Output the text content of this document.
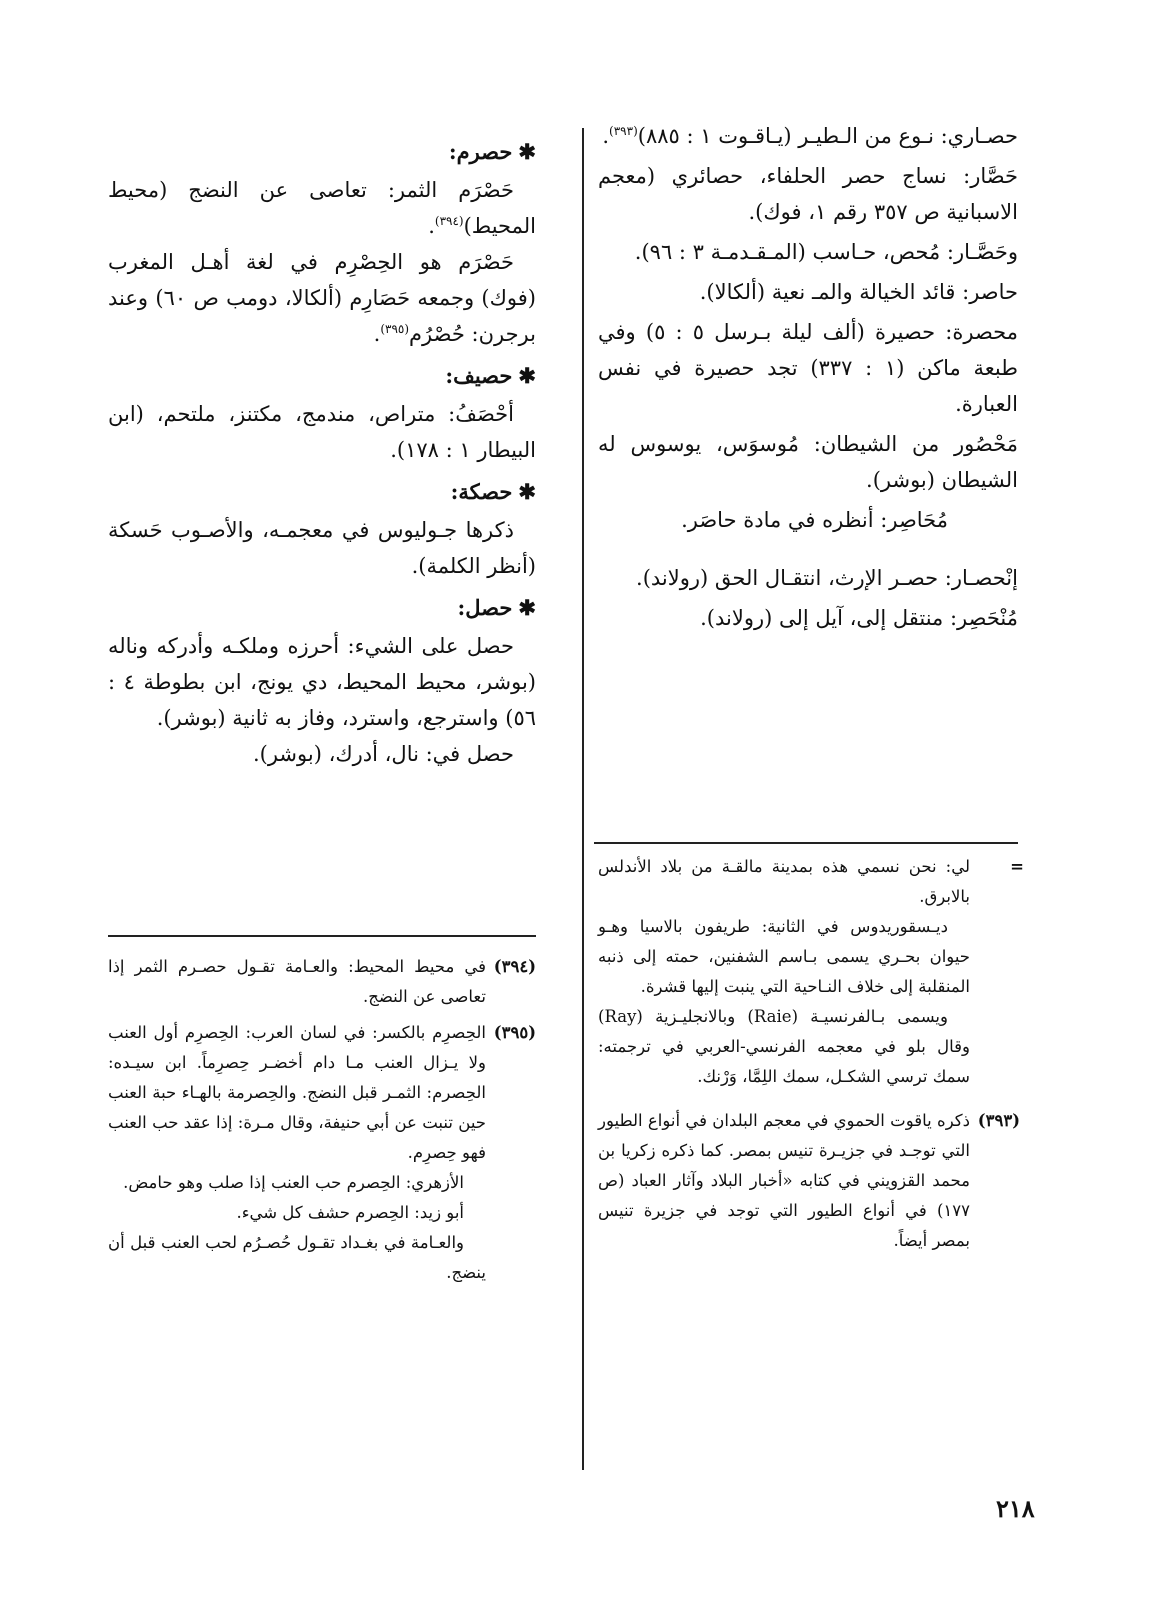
حصـاري: نـوع من الـطيـر (يـاقـوت ١ : ٨٨٥)$^{(٣٩٣)}$.

حَصَّار: نساج حصر الحلفاء، حصائري (معجم الاسبانية ص ٣٥٧ رقم ١، فوك).

وحَصَّـار: مُحص، حـاسب (المـقـدمـة ٣ : ٩٦).

حاصر: قائد الخيالة والمـ نعية (ألكالا).

محصرة: حصيرة (ألف ليلة بـرسل ٥ : ٥) وفي طبعة ماكن (١ : ٣٣٧) تجد حصيرة في نفس العبارة.

مَحْصُور من الشيطان: مُوسوَس، يوسوس له الشيطان (بوشر).

مُحَاصِر: أنظره في مادة حاصَر.

إنْحصـار: حصـر الإرث، انتقـال الحق (رولاند).

مُنْحَصِر: منتقل إلى، آيل إلى (رولاند).

=

لي: نحن نسمي هذه بمدينة مالقـة من بلاد الأندلس بالابرق.

ديـسقوريدوس في الثانية: طريفون بالاسيا وهـو حيوان بحـري يسمى بـاسم الشفنين، حمته إلى ذنبه المنقلبة إلى خلاف النـاحية التي ينبت إليها قشرة.

ويسمى بـالفرنسيـة (Raie) وبالانجليـزية (Ray) وقال بلو في معجمه الفرنسي-العربي في ترجمته: سمك ترسي الشكـل، سمك اللِمَّا، وَرْنك.

(٣٩٣)

ذكره ياقوت الحموي في معجم البلدان في أنواع الطيور التي توجـد في جزيـرة تنيس بمصر. كما ذكره زكريا بن محمد القزويني في كتابه «أخبار البلاد وآثار العباد (ص ١٧٧) في أنواع الطيور التي توجد في جزيرة تنيس بمصر أيضاً.

✱حصرم:

حَصْرَم الثمر: تعاصى عن النضج (محيط المحيط)$^{(٣٩٤)}$.

حَصْرَم هو الحِصْرِم في لغة أهـل المغرب (فوك) وجمعه حَصَارِم (ألكالا، دومب ص ٦٠) وعند برجرن: حُصْرُم$^{(٣٩٥)}$.

✱حصيف:

أحْصَفُ: متراص، مندمج، مكتنز، ملتحم، (ابن البيطار ١ : ١٧٨).

✱حصكة:

ذكرها جـوليوس في معجمـه، والأصـوب حَسكة (أنظر الكلمة).

✱حصل:

حصل على الشيء: أحرزه وملكـه وأدركه وناله (بوشر، محيط المحيط، دي يونج، ابن بطوطة ٤ : ٥٦) واسترجع، واسترد، وفاز به ثانية (بوشر).

حصل في: نال، أدرك، (بوشر).

(٣٩٤)

في محيط المحيط: والعـامة تقـول حصـرم الثمر إذا تعاصى عن النضج.

(٣٩٥)

الحِصرِم بالكسر: في لسان العرب: الحِصرِم أول العنب ولا يـزال العنب مـا دام أخضـر حِصرِماً. ابن سيـده: الحِصرم: الثمـر قبل النضج. والحِصرمة بالهـاء حبة العنب حين تنبت عن أبي حنيفة، وقال مـرة: إذا عقد حب العنب فهو حِصرِم.

الأزهري: الحِصرم حب العنب إذا صلب وهو حامض.

أبو زيد: الحِصرم حشف كل شيء.

والعـامة في بغـداد تقـول حُصـرُم لحب العنب قبل أن ينضج.

٢١٨
